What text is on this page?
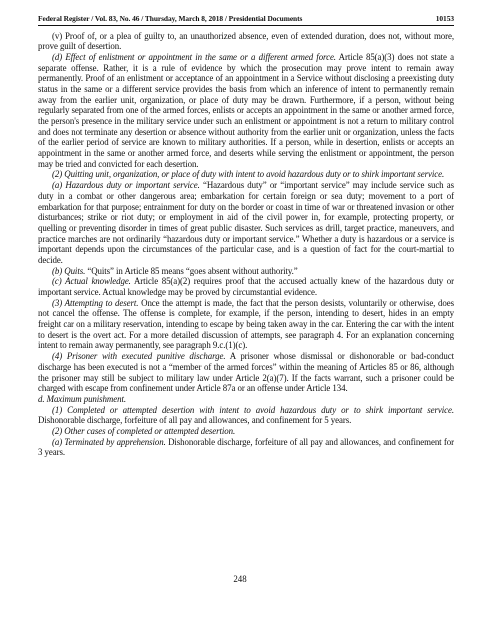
Federal Register / Vol. 83, No. 46 / Thursday, March 8, 2018 / Presidential Documents	10153

(v) Proof of, or a plea of guilty to, an unauthorized absence, even of extended duration, does not, without more, prove guilt of desertion.

(d) Effect of enlistment or appointment in the same or a different armed force. Article 85(a)(3) does not state a separate offense. Rather, it is a rule of evidence by which the prosecution may prove intent to remain away permanently. Proof of an enlistment or acceptance of an appointment in a Service without disclosing a preexisting duty status in the same or a different service provides the basis from which an inference of intent to permanently remain away from the earlier unit, organization, or place of duty may be drawn. Furthermore, if a person, without being regularly separated from one of the armed forces, enlists or accepts an appointment in the same or another armed force, the person's presence in the military service under such an enlistment or appointment is not a return to military control and does not terminate any desertion or absence without authority from the earlier unit or organization, unless the facts of the earlier period of service are known to military authorities. If a person, while in desertion, enlists or accepts an appointment in the same or another armed force, and deserts while serving the enlistment or appointment, the person may be tried and convicted for each desertion.

(2) Quitting unit, organization, or place of duty with intent to avoid hazardous duty or to shirk important service.

(a) Hazardous duty or important service. “Hazardous duty” or “important service” may include service such as duty in a combat or other dangerous area; embarkation for certain foreign or sea duty; movement to a port of embarkation for that purpose; entrainment for duty on the border or coast in time of war or threatened invasion or other disturbances; strike or riot duty; or employment in aid of the civil power in, for example, protecting property, or quelling or preventing disorder in times of great public disaster. Such services as drill, target practice, maneuvers, and practice marches are not ordinarily “hazardous duty or important service.” Whether a duty is hazardous or a service is important depends upon the circumstances of the particular case, and is a question of fact for the court-martial to decide.

(b) Quits. “Quits” in Article 85 means “goes absent without authority.”

(c) Actual knowledge. Article 85(a)(2) requires proof that the accused actually knew of the hazardous duty or important service. Actual knowledge may be proved by circumstantial evidence.

(3) Attempting to desert. Once the attempt is made, the fact that the person desists, voluntarily or otherwise, does not cancel the offense. The offense is complete, for example, if the person, intending to desert, hides in an empty freight car on a military reservation, intending to escape by being taken away in the car. Entering the car with the intent to desert is the overt act. For a more detailed discussion of attempts, see paragraph 4. For an explanation concerning intent to remain away permanently, see paragraph 9.c.(1)(c).

(4) Prisoner with executed punitive discharge. A prisoner whose dismissal or dishonorable or bad-conduct discharge has been executed is not a “member of the armed forces” within the meaning of Articles 85 or 86, although the prisoner may still be subject to military law under Article 2(a)(7). If the facts warrant, such a prisoner could be charged with escape from confinement under Article 87a or an offense under Article 134.

d. Maximum punishment.

(1) Completed or attempted desertion with intent to avoid hazardous duty or to shirk important service. Dishonorable discharge, forfeiture of all pay and allowances, and confinement for 5 years.

(2) Other cases of completed or attempted desertion.

(a) Terminated by apprehension. Dishonorable discharge, forfeiture of all pay and allowances, and confinement for 3 years.

248
